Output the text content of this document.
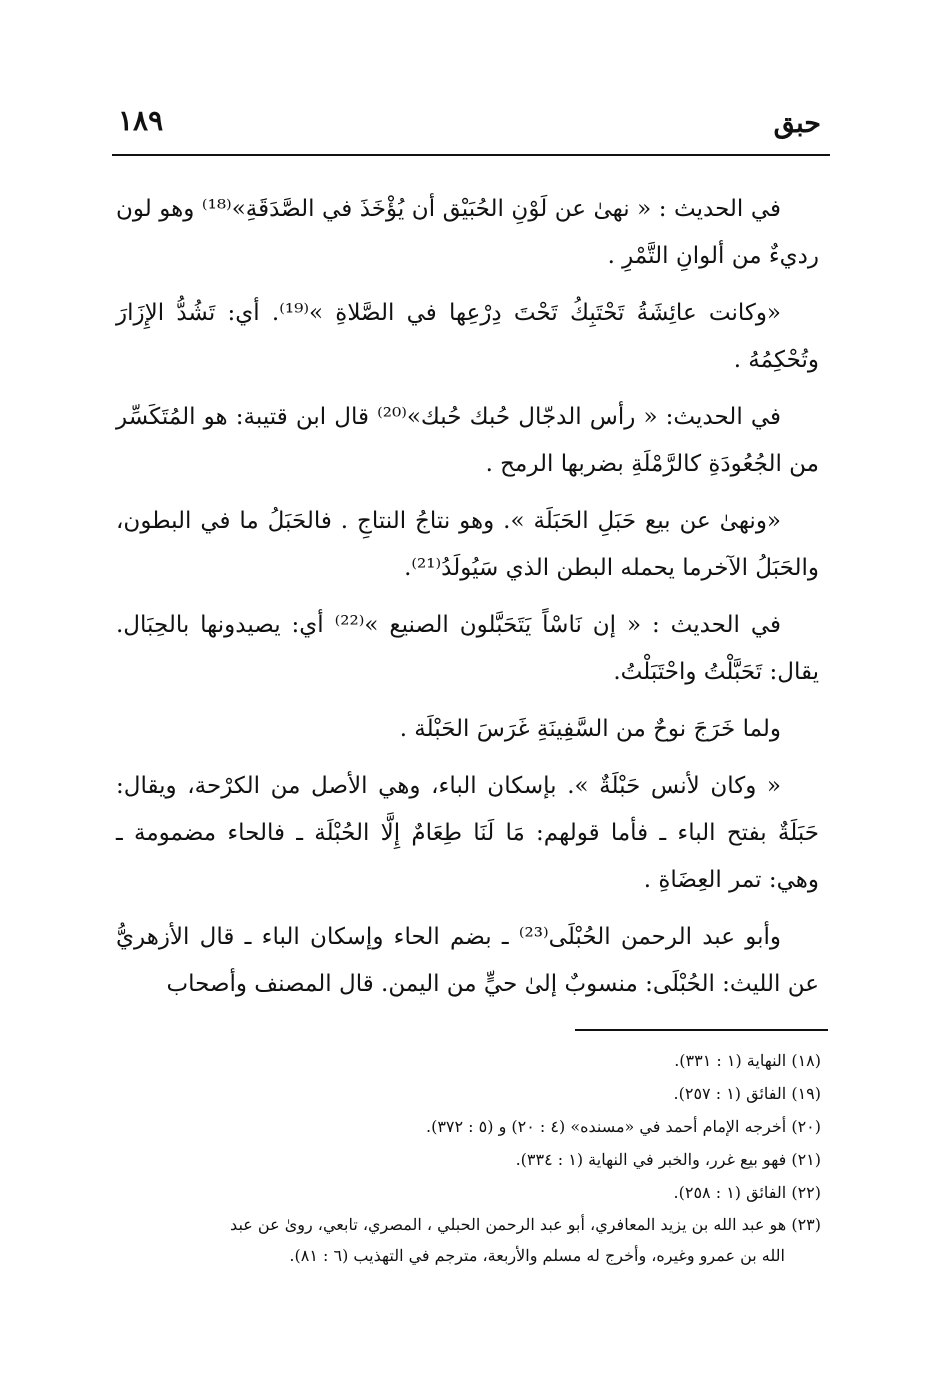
حبق
١٨٩

في الحديث : « نهىٰ عن لَوْنِ الحُبَيْق أن يُؤْخَذَ في الصَّدَقَةِ»⁽¹⁸⁾ وهو لون رديءٌ من ألوانِ التَّمْرِ .

«وكانت عائِشَةُ تَحْتَبِكُ تَحْتَ دِرْعِها في الصَّلاةِ »⁽¹⁹⁾. أي: تَشُدُّ الإِزَارَ وتُحْكِمُهُ .

في الحديث: « رأس الدجّال حُبك حُبك»⁽²⁰⁾ قال ابن قتيبة: هو المُتَكَسِّر من الجُعُودَةِ كالرَّمْلَةِ بضربها الرمح .

«ونهىٰ عن بيع حَبَلِ الحَبَلَة ». وهو نتاجُ النتاجِ . فالحَبَلُ ما في البطون، والحَبَلُ الآخرما يحمله البطن الذي سَيُولَدُ⁽²¹⁾.

في الحديث : « إن نَاسْاً يَتَحَبَّلون الصنيع »⁽²²⁾ أي: يصيدونها بالحِبَال. يقال: تَحَبَّلْتُ واحْتَبَلْتُ.

ولما خَرَجَ نوحٌ من السَّفِينَةِ غَرَسَ الحَبْلَة .

« وكان لأنس حَبْلَةٌ ». بإسكان الباء، وهي الأصل من الكرْحة، ويقال: حَبَلَةٌ بفتح الباء ـ فأما قولهم: مَا لَنَا طِعَامٌ إِلَّا الحُبْلَة ـ فالحاء مضمومة ـ وهي: تمر العِضَاةِ .

وأبو عبد الرحمن الحُبْلَى⁽²³⁾ ـ بضم الحاء وإسكان الباء ـ قال الأزهريُّ عن الليث: الحُبْلَى: منسوبٌ إلىٰ حيٍّ من اليمن. قال المصنف وأصحاب

(١٨) النهاية (١ : ٣٣١).

(١٩) الفائق (١ : ٢٥٧).

(٢٠) أخرجه الإمام أحمد في «مسنده» (٤ : ٢٠) و (٥ : ٣٧٢).

(٢١) فهو بيع غرر، والخبر في النهاية (١ : ٣٣٤).

(٢٢) الفائق (١ : ٢٥٨).

(٢٣) هو عبد الله بن يزيد المعافري، أبو عبد الرحمن الحبلي ، المصري، تابعي، روىٰ عن عبد
الله بن عمرو وغيره، وأخرج له مسلم والأربعة، مترجم في التهذيب (٦ : ٨١).
